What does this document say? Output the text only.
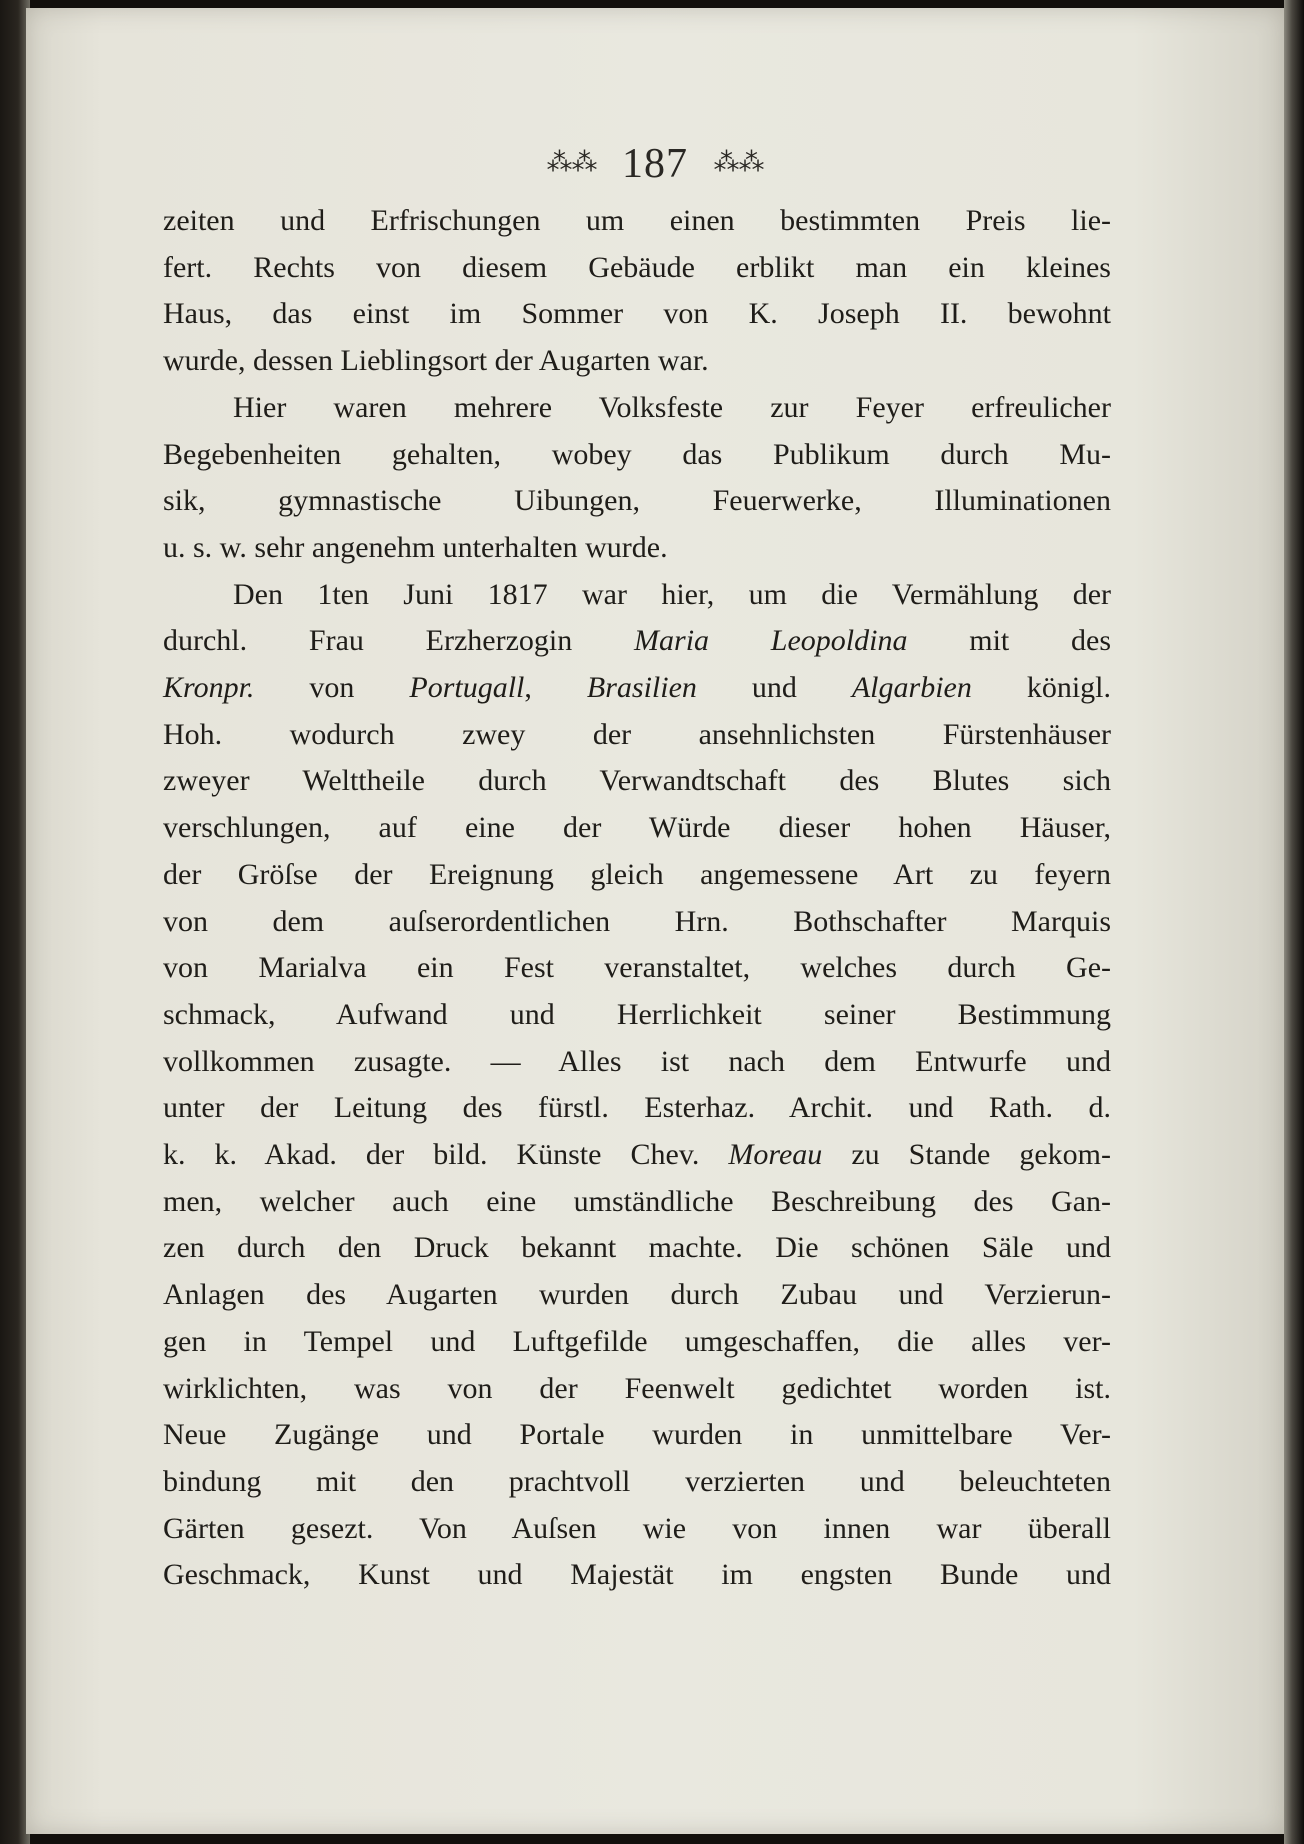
⁂⁂ 187 ⁂⁂
zeiten und Erfrischungen um einen bestimmten Preis lie-
fert. Rechts von diesem Gebäude erblikt man ein kleines
Haus, das einst im Sommer von K. Joseph II. bewohnt
wurde, dessen Lieblingsort der Augarten war.
Hier waren mehrere Volksfeste zur Feyer erfreulicher
Begebenheiten gehalten, wobey das Publikum durch Mu-
sik, gymnastische Uibungen, Feuerwerke, Illuminationen
u. s. w. sehr angenehm unterhalten wurde.
Den 1ten Juni 1817 war hier, um die Vermählung der
durchl. Frau Erzherzogin Maria Leopoldina mit des
Kronpr. von Portugall, Brasilien und Algarbien königl.
Hoh. wodurch zwey der ansehnlichsten Fürstenhäuser
zweyer Welttheile durch Verwandtschaft des Blutes sich
verschlungen, auf eine der Würde dieser hohen Häuser,
der Gröſse der Ereignung gleich angemessene Art zu feyern
von dem auſserordentlichen Hrn. Bothschafter Marquis
von Marialva ein Fest veranstaltet, welches durch Ge-
schmack, Aufwand und Herrlichkeit seiner Bestimmung
vollkommen zusagte. — Alles ist nach dem Entwurfe und
unter der Leitung des fürstl. Esterhaz. Archit. und Rath. d.
k. k. Akad. der bild. Künste Chev. Moreau zu Stande gekom-
men, welcher auch eine umständliche Beschreibung des Gan-
zen durch den Druck bekannt machte. Die schönen Säle und
Anlagen des Augarten wurden durch Zubau und Verzierun-
gen in Tempel und Luftgefilde umgeschaffen, die alles ver-
wirklichten, was von der Feenwelt gedichtet worden ist.
Neue Zugänge und Portale wurden in unmittelbare Ver-
bindung mit den prachtvoll verzierten und beleuchteten
Gärten gesezt. Von Auſsen wie von innen war überall
Geschmack, Kunst und Majestät im engsten Bunde und
